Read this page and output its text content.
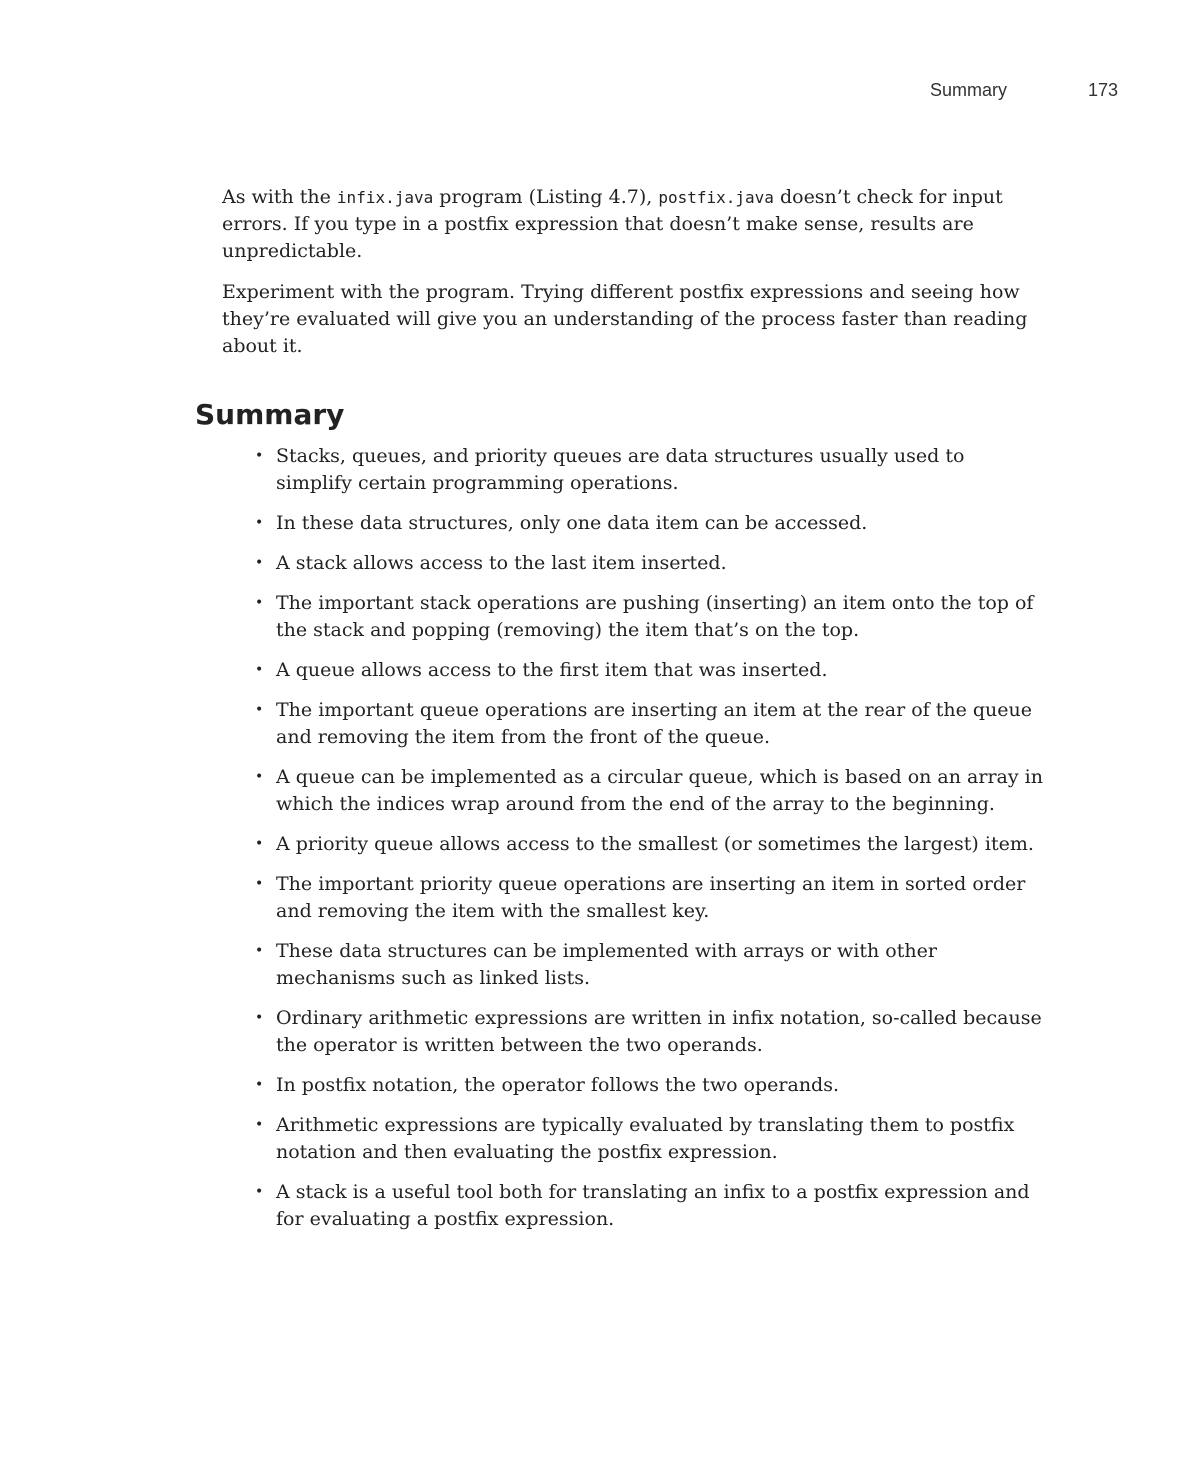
Summary	173

As with the infix.java program (Listing 4.7), postfix.java doesn’t check for input errors. If you type in a postfix expression that doesn’t make sense, results are unpredictable.

Experiment with the program. Trying different postfix expressions and seeing how they’re evaluated will give you an understanding of the process faster than reading about it.

Summary
• Stacks, queues, and priority queues are data structures usually used to simplify certain programming operations.
• In these data structures, only one data item can be accessed.
• A stack allows access to the last item inserted.
• The important stack operations are pushing (inserting) an item onto the top of the stack and popping (removing) the item that’s on the top.
• A queue allows access to the first item that was inserted.
• The important queue operations are inserting an item at the rear of the queue and removing the item from the front of the queue.
• A queue can be implemented as a circular queue, which is based on an array in which the indices wrap around from the end of the array to the beginning.
• A priority queue allows access to the smallest (or sometimes the largest) item.
• The important priority queue operations are inserting an item in sorted order and removing the item with the smallest key.
• These data structures can be implemented with arrays or with other mechanisms such as linked lists.
• Ordinary arithmetic expressions are written in infix notation, so-called because the operator is written between the two operands.
• In postfix notation, the operator follows the two operands.
• Arithmetic expressions are typically evaluated by translating them to postfix notation and then evaluating the postfix expression.
• A stack is a useful tool both for translating an infix to a postfix expression and for evaluating a postfix expression.
